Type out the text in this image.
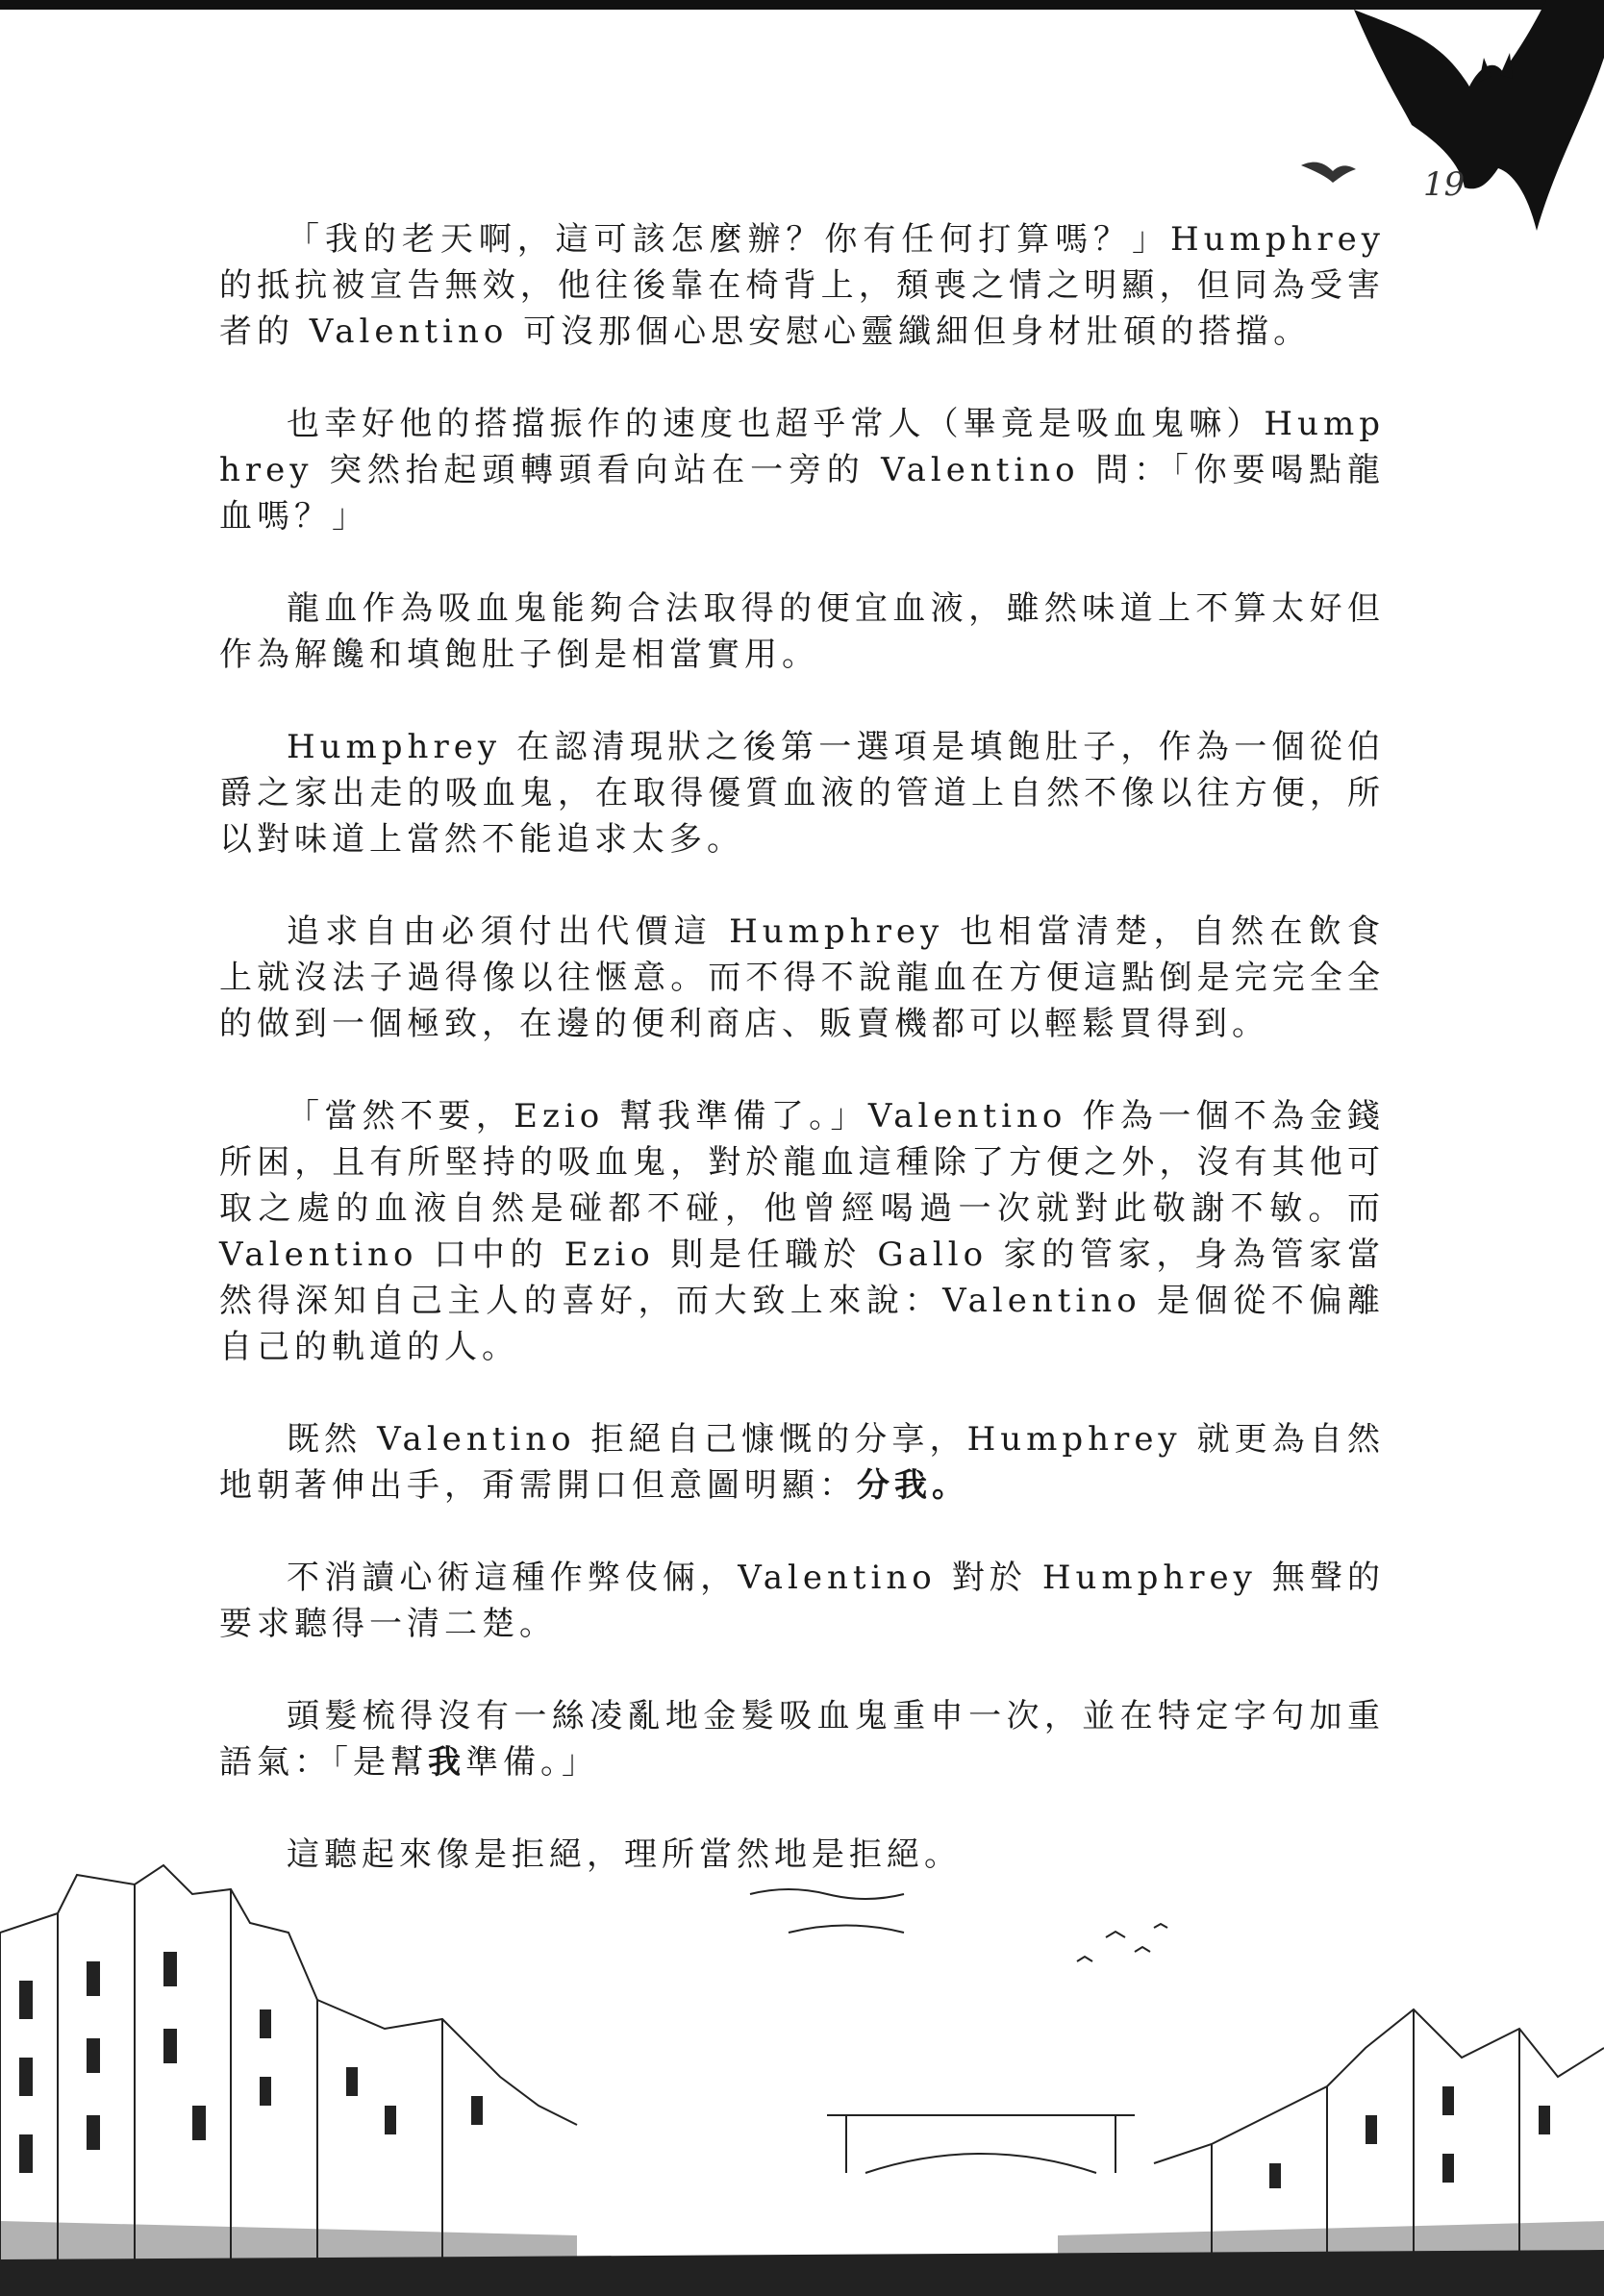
19

「我的老天啊，這可該怎麼辦？你有任何打算嗎？」Humphrey 的抵抗被宣告無效，他往後靠在椅背上，頹喪之情之明顯，但同為受害者的 Valentino 可沒那個心思安慰心靈纖細但身材壯碩的搭擋。

也幸好他的搭擋振作的速度也超乎常人（畢竟是吸血鬼嘛）Humphrey 突然抬起頭轉頭看向站在一旁的 Valentino 問：「你要喝點龍血嗎？」

龍血作為吸血鬼能夠合法取得的便宜血液，雖然味道上不算太好但作為解饞和填飽肚子倒是相當實用。

Humphrey 在認清現狀之後第一選項是填飽肚子，作為一個從伯爵之家出走的吸血鬼，在取得優質血液的管道上自然不像以往方便，所以對味道上當然不能追求太多。

追求自由必須付出代價這 Humphrey 也相當清楚，自然在飲食上就沒法子過得像以往愜意。而不得不說龍血在方便這點倒是完完全全的做到一個極致，在邊的便利商店、販賣機都可以輕鬆買得到。

「當然不要，Ezio 幫我準備了。」Valentino 作為一個不為金錢所困，且有所堅持的吸血鬼，對於龍血這種除了方便之外，沒有其他可取之處的血液自然是碰都不碰，他曾經喝過一次就對此敬謝不敏。而 Valentino 口中的 Ezio 則是任職於 Gallo 家的管家，身為管家當然得深知自己主人的喜好，而大致上來說：Valentino 是個從不偏離自己的軌道的人。

既然 Valentino 拒絕自己慷慨的分享，Humphrey 就更為自然地朝著伸出手，甭需開口但意圖明顯：分我。

不消讀心術這種作弊伎倆，Valentino 對於 Humphrey 無聲的要求聽得一清二楚。

頭髮梳得沒有一絲凌亂地金髮吸血鬼重申一次，並在特定字句加重語氣：「是幫我準備。」

這聽起來像是拒絕，理所當然地是拒絕。
